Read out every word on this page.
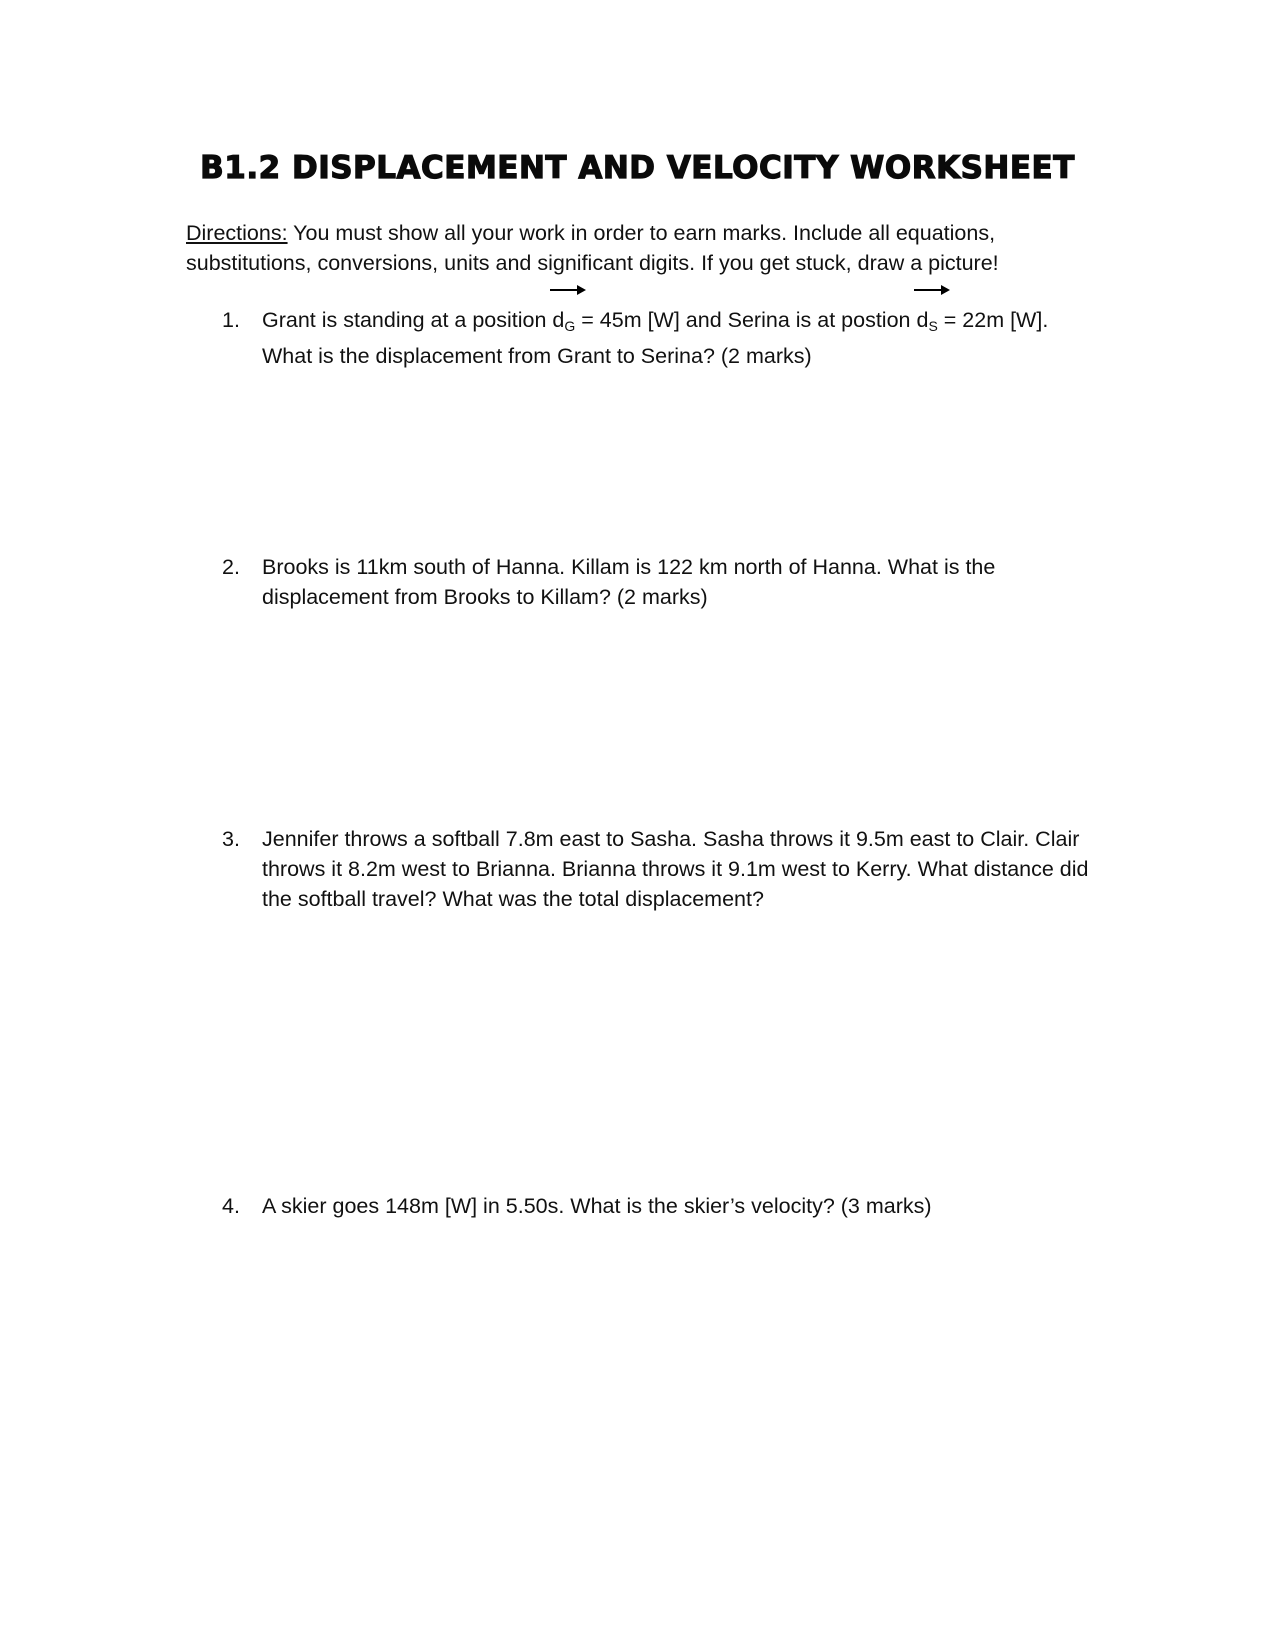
B1.2 DISPLACEMENT AND VELOCITY WORKSHEET
Directions: You must show all your work in order to earn marks. Include all equations, substitutions, conversions, units and significant digits. If you get stuck, draw a picture!
1.	Grant is standing at a position
$d_G = 45m$ [W] and Serina is at postion
$d_S = 22m$ [W]. What is the displacement from Grant to Serina? (2 marks)
2.	Brooks is 11km south of Hanna. Killam is 122 km north of Hanna. What is the displacement from Brooks to Killam? (2 marks)
3.	Jennifer throws a softball 7.8m east to Sasha. Sasha throws it 9.5m east to Clair. Clair throws it 8.2m west to Brianna. Brianna throws it 9.1m west to Kerry. What distance did the softball travel? What was the total displacement?
4.	A skier goes 148m [W] in 5.50s. What is the skier’s velocity? (3 marks)
